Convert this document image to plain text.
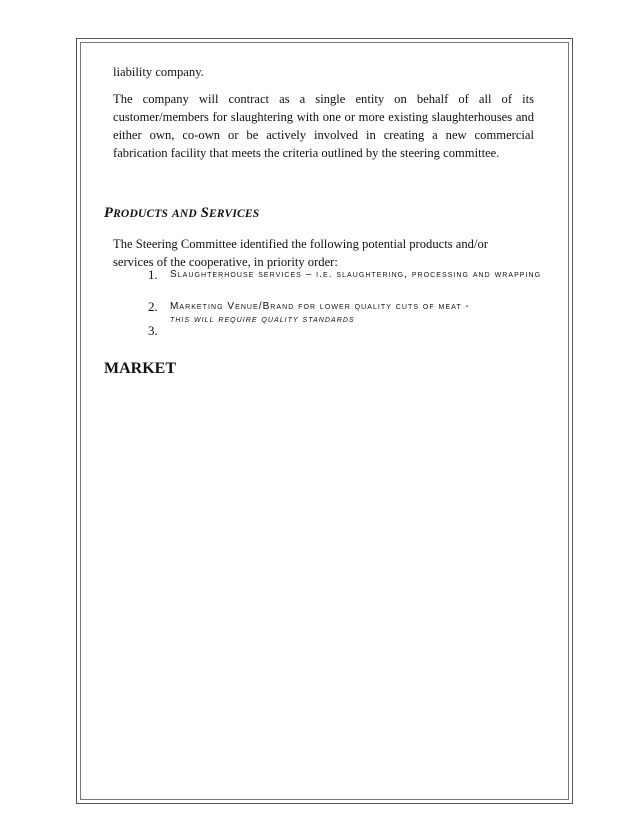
liability company.

The company will contract as a single entity on behalf of all of its customer/members for slaughtering with one or more existing slaughterhouses and either own, co-own or be actively involved in creating a new commercial fabrication facility that meets the criteria outlined by the steering committee.

PRODUCTS AND SERVICES

The Steering Committee identified the following potential products and/or services of the cooperative, in priority order:

1. Slaughterhouse services – i.e. slaughtering, processing and wrapping

2. Marketing Venue/Brand for lower quality cuts of meat -

this will require quality standards

3.
MARKET
